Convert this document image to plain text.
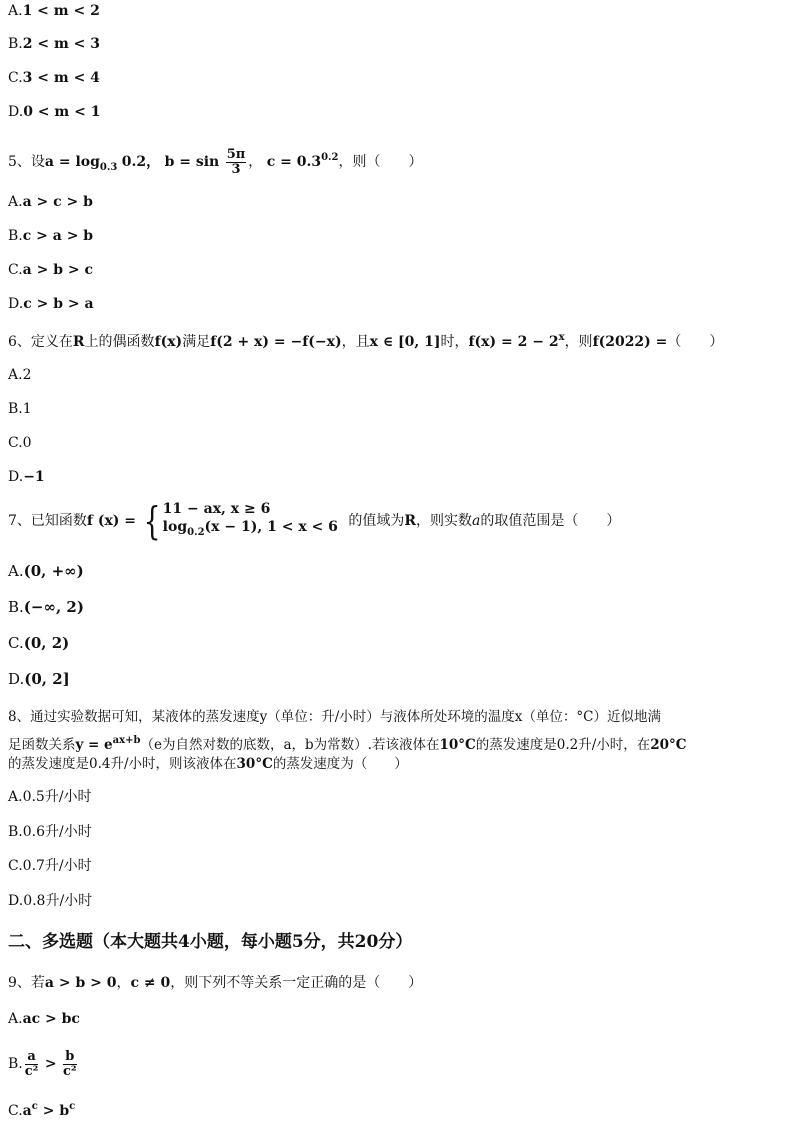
A.1 < m < 2
B.2 < m < 3
C.3 < m < 4
D.0 < m < 1
5、设$a = \log_{0.3} 0.2$， $b = \sin \frac{5\pi}{3}$ ， $c = 0.3^{0.2}$，则（　　）
A.a > c > b
B.c > a > b
C.a > b > c
D.c > b > a
6、定义在R上的偶函数f(x)满足f(2 + x) = −f(−x)，且x ∈ [0, 1]时，$f(x) = 2 - 2^x$，则f(2022) =（　　）
A.2
B.1
C.0
D.−1
7、已知函数f (x) = { 11 − ax, x ≥ 6
$\log_{0.2}(x - 1)$, 1 < x < 6 的值域为R，则实数a的取值范围是（　　）
A.(0, +∞)
B.(−∞, 2)
C.(0, 2)
D.(0, 2]
8、通过实验数据可知，某液体的蒸发速度y（单位：升/小时）与液体所处环境的温度x（单位：°C）近似地满
足函数关系$y = e^{ax+b}(e$为自然对数的底数，a，b为常数）.若该液体在10°C的蒸发速度是0.2升/小时，在20°C
的蒸发速度是0.4升/小时，则该液体在30°C的蒸发速度为（　　）
A.0.5升/小时
B.0.6升/小时
C.0.7升/小时
D.0.8升/小时
二、多选题（本大题共4小题，每小题5分，共20分）
9、若a > b > 0，c ≠ 0，则下列不等关系一定正确的是（　　）
A.ac > bc
B. $\frac{a}{\text{c²}} > \frac{b}{\text{c²}}$
$C.a^c > b^c$
